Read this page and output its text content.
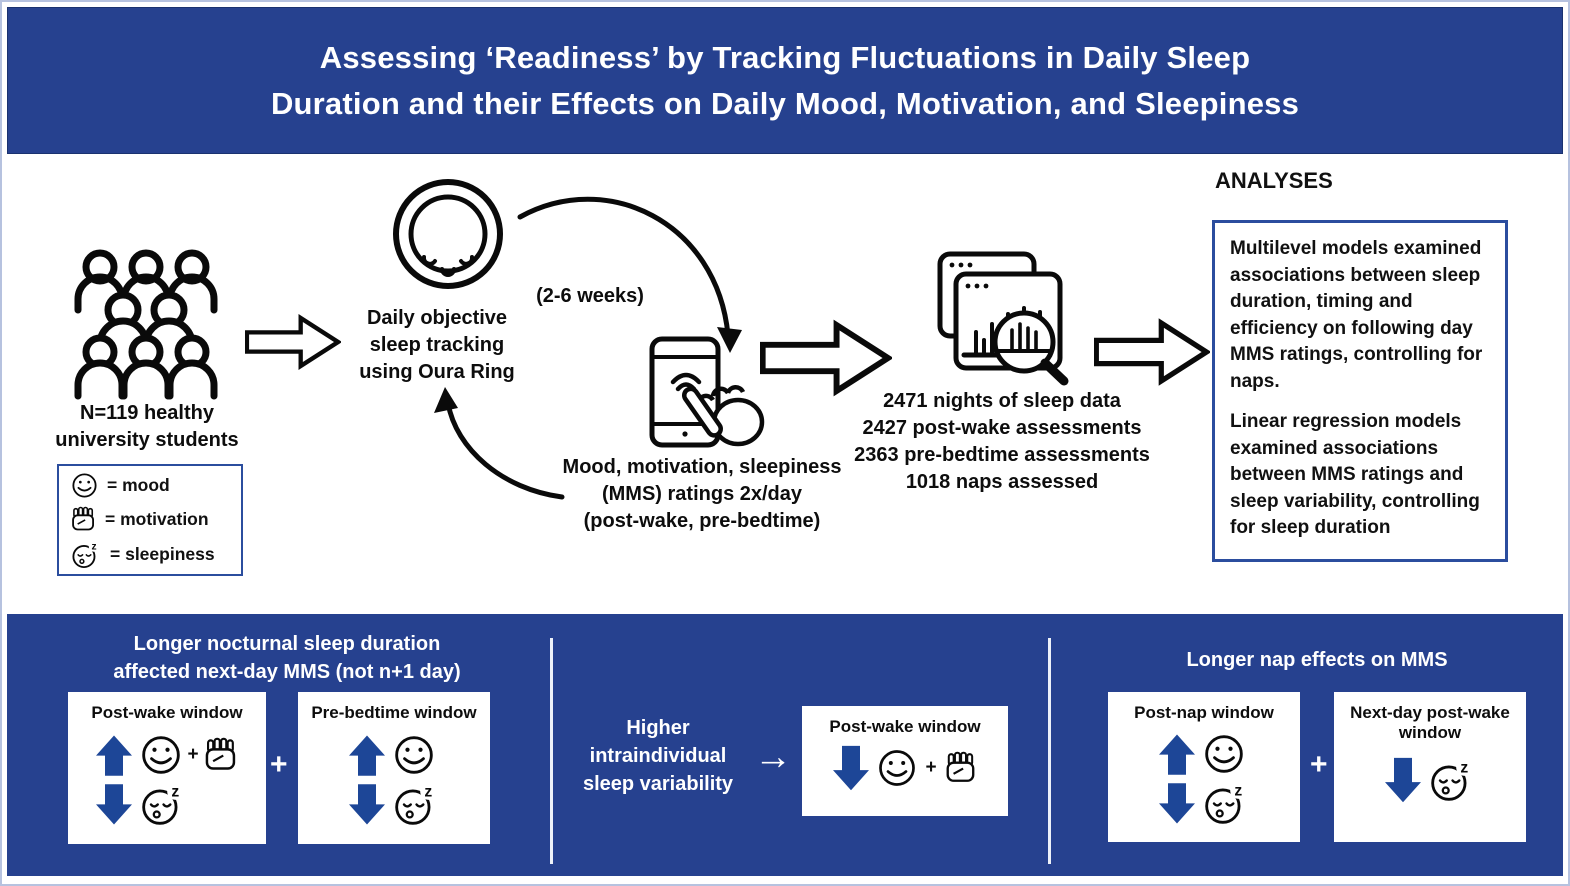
Assessing ‘Readiness’ by Tracking Fluctuations in Daily Sleep
Duration and their Effects on Daily Mood, Motivation, and Sleepiness
N=119 healthy
university students
= mood
= motivation
= sleepiness
Daily objective
sleep tracking
using Oura Ring
(2-6 weeks)
Mood, motivation, sleepiness
(MMS) ratings 2x/day
(post-wake, pre-bedtime)
2471 nights of sleep data
2427 post-wake assessments
2363 pre-bedtime assessments
1018 naps assessed
ANALYSES

Multilevel models examined associations between sleep duration, timing and efficiency on following day MMS ratings, controlling for naps.

Linear regression models examined associations between MMS ratings and sleep variability, controlling for sleep duration

Longer nocturnal sleep duration
affected next-day MMS (not n+1 day)
Post-wake window
+ +
Pre-bedtime window
Higher
intraindividual
sleep variability
→
Post-wake window
+
Longer nap effects on MMS
Post-nap window
+
Next-day post-wake
window
